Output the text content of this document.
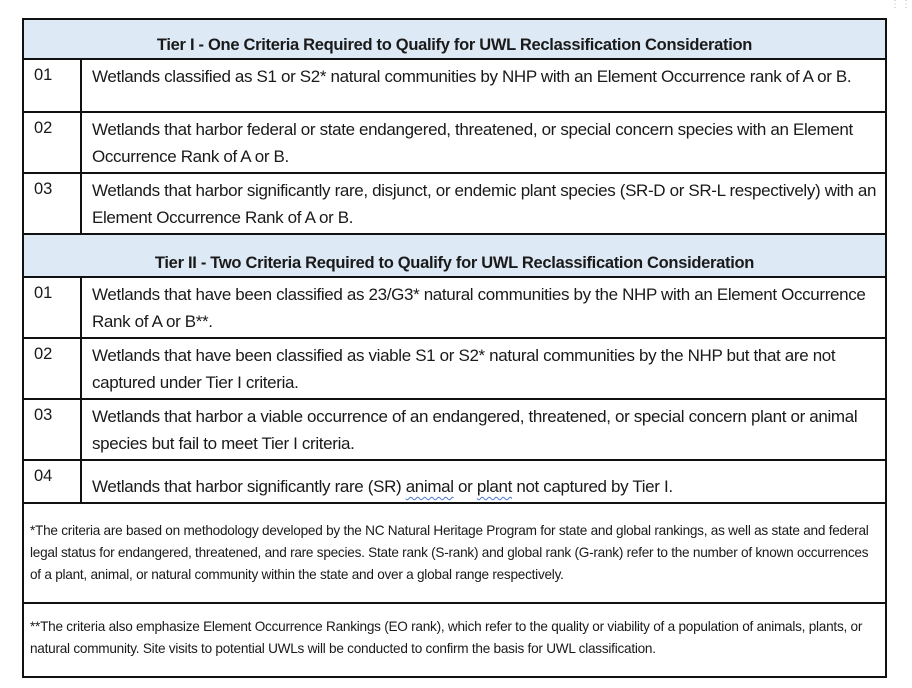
⋮⋮
Tier I - One Criteria Required to Qualify for UWL Reclassification Consideration	
01	Wetlands classified as S1 or S2* natural communities by NHP with an Element Occurrence rank of A or B.
02	Wetlands that harbor federal or state endangered, threatened, or special concern species with an Element Occurrence Rank of A or B.
03	Wetlands that harbor significantly rare, disjunct, or endemic plant species (SR-D or SR-L respectively) with an Element Occurrence Rank of A or B.
Tier II - Two Criteria Required to Qualify for UWL Reclassification Consideration	
01	Wetlands that have been classified as 23/G3* natural communities by the NHP with an Element Occurrence Rank of A or B**.
02	Wetlands that have been classified as viable S1 or S2* natural communities by the NHP but that are not captured under Tier I criteria.
03	Wetlands that harbor a viable occurrence of an endangered, threatened, or special concern plant or animal species but fail to meet Tier I criteria.
04	Wetlands that harbor significantly rare (SR) animal or plant not captured by Tier I.
*The criteria are based on methodology developed by the NC Natural Heritage Program for state and global rankings, as well as state and federal legal status for endangered, threatened, and rare species. State rank (S-rank) and global rank (G-rank) refer to the number of known occurrences of a plant, animal, or natural community within the state and over a global range respectively.	
**The criteria also emphasize Element Occurrence Rankings (EO rank), which refer to the quality or viability of a population of animals, plants, or natural community. Site visits to potential UWLs will be conducted to confirm the basis for UWL classification.	
